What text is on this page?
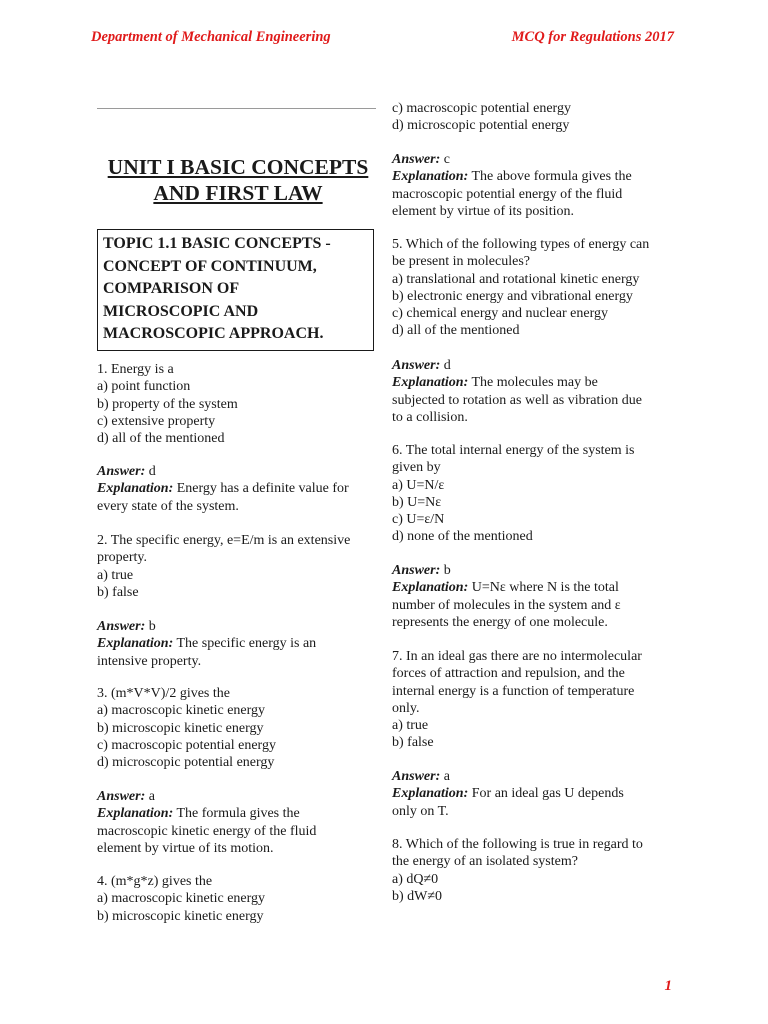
Department of Mechanical Engineering	MCQ for Regulations 2017
UNIT I BASIC CONCEPTS
AND FIRST LAW

TOPIC 1.1 BASIC CONCEPTS -

CONCEPT OF CONTINUUM,

COMPARISON OF

MICROSCOPIC AND

MACROSCOPIC APPROACH.

1. Energy is a

a) point function

b) property of the system

c) extensive property

d) all of the mentioned

Answer: d

Explanation: Energy has a definite value for

every state of the system.

2. The specific energy, e=E/m is an extensive

property.

a) true

b) false

Answer: b

Explanation: The specific energy is an

intensive property.

3. (m*V*V)/2 gives the

a) macroscopic kinetic energy

b) microscopic kinetic energy

c) macroscopic potential energy

d) microscopic potential energy

Answer: a

Explanation: The formula gives the

macroscopic kinetic energy of the fluid

element by virtue of its motion.

4. (m*g*z) gives the

a) macroscopic kinetic energy

b) microscopic kinetic energy

c) macroscopic potential energy

d) microscopic potential energy

Answer: c

Explanation: The above formula gives the

macroscopic potential energy of the fluid

element by virtue of its position.

5. Which of the following types of energy can

be present in molecules?

a) translational and rotational kinetic energy

b) electronic energy and vibrational energy

c) chemical energy and nuclear energy

d) all of the mentioned

Answer: d

Explanation: The molecules may be

subjected to rotation as well as vibration due

to a collision.

6. The total internal energy of the system is

given by

a) U=N/ε

b) U=Nε

c) U=ε/N

d) none of the mentioned

Answer: b

Explanation: U=Nε where N is the total

number of molecules in the system and ε

represents the energy of one molecule.

7. In an ideal gas there are no intermolecular

forces of attraction and repulsion, and the

internal energy is a function of temperature

only.

a) true

b) false

Answer: a

Explanation: For an ideal gas U depends

only on T.

8. Which of the following is true in regard to

the energy of an isolated system?

a) dQ≠0

b) dW≠0

1
